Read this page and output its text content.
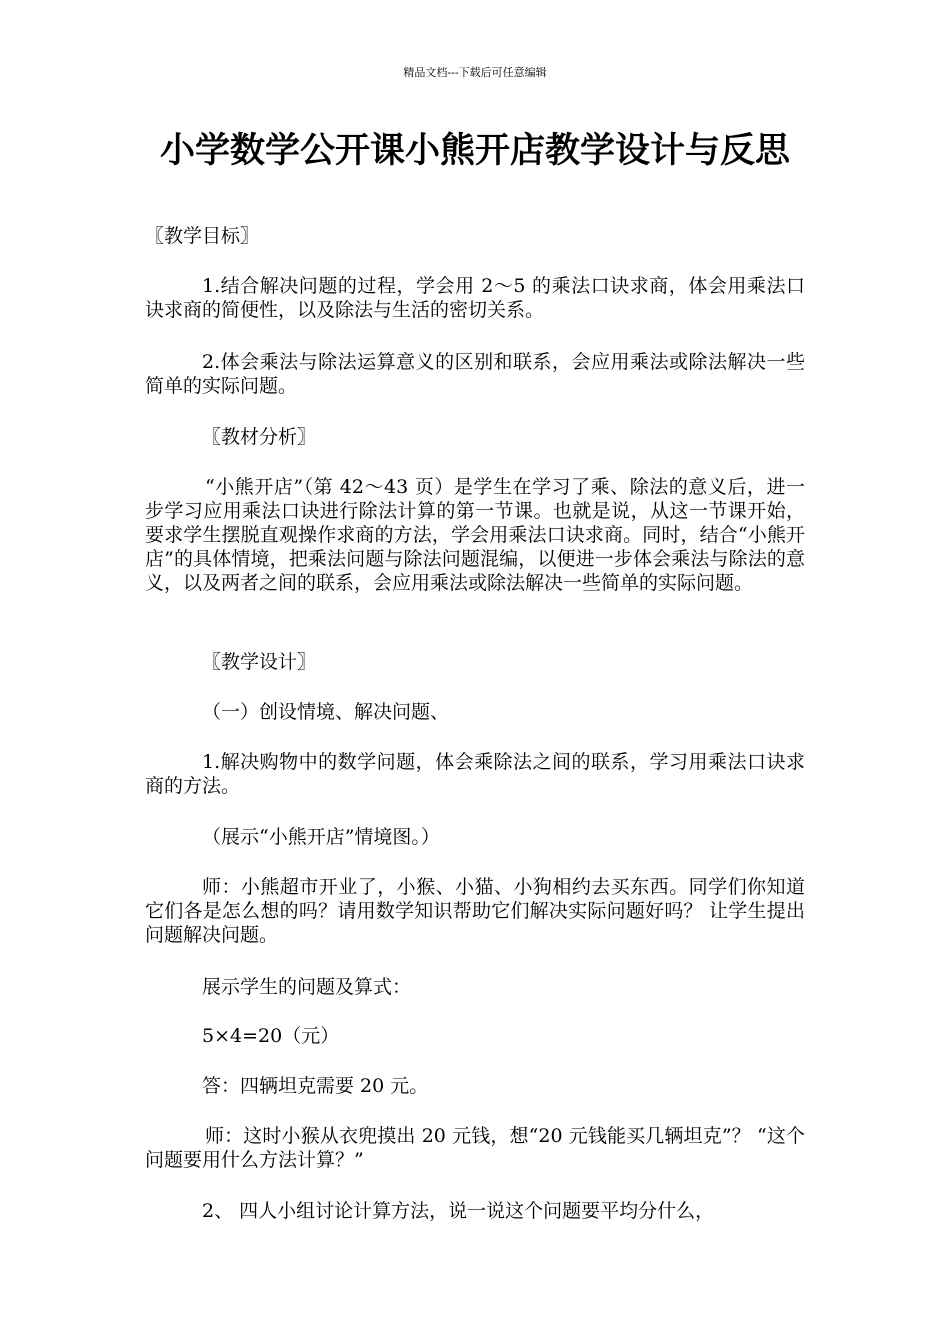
精品文档---下载后可任意编辑
小学数学公开课小熊开店教学设计与反思

〖教学目标〗

1.结合解决问题的过程，学会用 2～5 的乘法口诀求商，体会用乘法口诀求商的简便性，以及除法与生活的密切关系。

2.体会乘法与除法运算意义的区别和联系，会应用乘法或除法解决一些简单的实际问题。

〖教材分析〗

“小熊开店”（第 42～43 页）是学生在学习了乘、除法的意义后，进一步学习应用乘法口诀进行除法计算的第一节课。也就是说，从这一节课开始，要求学生摆脱直观操作求商的方法，学会用乘法口诀求商。同时，结合“小熊开店”的具体情境，把乘法问题与除法问题混编，以便进一步体会乘法与除法的意义，以及两者之间的联系，会应用乘法或除法解决一些简单的实际问题。

〖教学设计〗

（一）创设情境、解决问题、

1.解决购物中的数学问题，体会乘除法之间的联系，学习用乘法口诀求商的方法。

（展示“小熊开店”情境图。）

师：小熊超市开业了，小猴、小猫、小狗相约去买东西。同学们你知道它们各是怎么想的吗？请用数学知识帮助它们解决实际问题好吗？ 让学生提出问题解决问题。

展示学生的问题及算式：

5×4=20（元）

答：四辆坦克需要 20 元。

师：这时小猴从衣兜摸出 20 元钱，想“20 元钱能买几辆坦克”？ “这个问题要用什么方法计算？”

2、 四人小组讨论计算方法，说一说这个问题要平均分什么，
